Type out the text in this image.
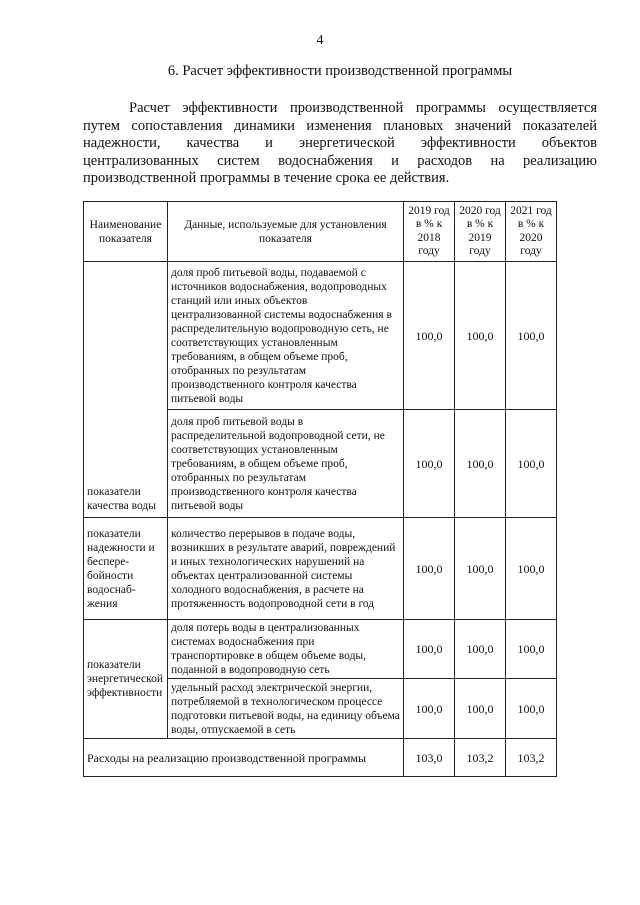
4
6. Расчет эффективности производственной программы

Расчет эффективности производственной программы осуществляется путем сопоставления динамики изменения плановых значений показателей надежности, качества и энергетической эффективности объектов централизованных систем водоснабжения и расходов на реализацию производственной программы в течение срока ее действия.

Наименование показателя	Данные, используемые для установления показателя	2019 год в % к 2018 году	2020 год в % к 2019 году	2021 год в % к 2020 году
показатели качества воды	доля проб питьевой воды, подаваемой с источников водоснабжения, водопроводных станций или иных объектов централизованной системы водоснабжения в распределительную водопроводную сеть, не соответствующих установленным требованиям, в общем объеме проб, отобранных по результатам производственного контроля качества питьевой воды	100,0	100,0	100,0
	доля проб питьевой воды в распределительной водопроводной сети, не соответствующих установленным требованиям, в общем объеме проб, отобранных по результатам производственного контроля качества питьевой воды	100,0	100,0	100,0
показатели надежности и беспере-бойности водоснаб-жения	количество перерывов в подаче воды, возникших в результате аварий, повреждений и иных технологических нарушений на объектах централизованной системы холодного водоснабжения, в расчете на протяженность водопроводной сети в год	100,0	100,0	100,0
показатели энергетической эффективности	доля потерь воды в централизованных системах водоснабжения при транспортировке в общем объеме воды, поданной в водопроводную сеть	100,0	100,0	100,0
	удельный расход электрической энергии, потребляемой в технологическом процессе подготовки питьевой воды, на единицу объема воды, отпускаемой в сеть	100,0	100,0	100,0
Расходы на реализацию производственной программы		103,0	103,2	103,2
